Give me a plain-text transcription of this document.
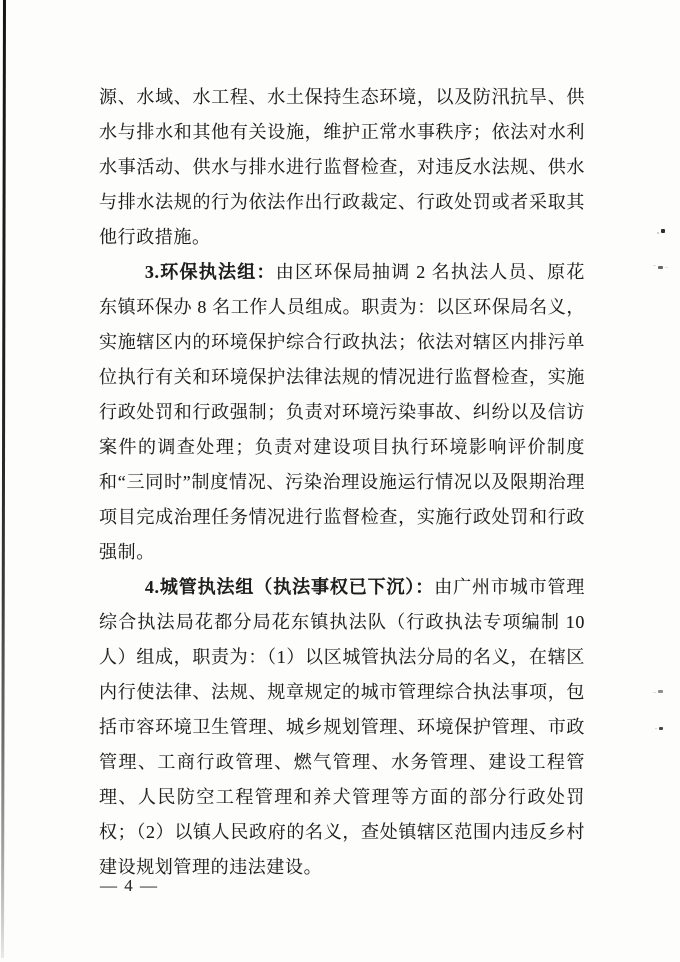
源、水域、水工程、水土保持生态环境，以及防汛抗旱、供水与排水和其他有关设施，维护正常水事秩序；依法对水利水事活动、供水与排水进行监督检查，对违反水法规、供水与排水法规的行为依法作出行政裁定、行政处罚或者采取其他行政措施。

3.环保执法组：由区环保局抽调 2 名执法人员、原花东镇环保办 8 名工作人员组成。职责为：以区环保局名义，实施辖区内的环境保护综合行政执法；依法对辖区内排污单位执行有关和环境保护法律法规的情况进行监督检查，实施行政处罚和行政强制；负责对环境污染事故、纠纷以及信访案件的调查处理；负责对建设项目执行环境影响评价制度和“三同时”制度情况、污染治理设施运行情况以及限期治理项目完成治理任务情况进行监督检查，实施行政处罚和行政强制。

4.城管执法组（执法事权已下沉）：由广州市城市管理综合执法局花都分局花东镇执法队（行政执法专项编制 10 人）组成，职责为：（1）以区城管执法分局的名义，在辖区内行使法律、法规、规章规定的城市管理综合执法事项，包括市容环境卫生管理、城乡规划管理、环境保护管理、市政管理、工商行政管理、燃气管理、水务管理、建设工程管理、人民防空工程管理和养犬管理等方面的部分行政处罚权；（2）以镇人民政府的名义，查处镇辖区范围内违反乡村建设规划管理的违法建设。

— 4 —
